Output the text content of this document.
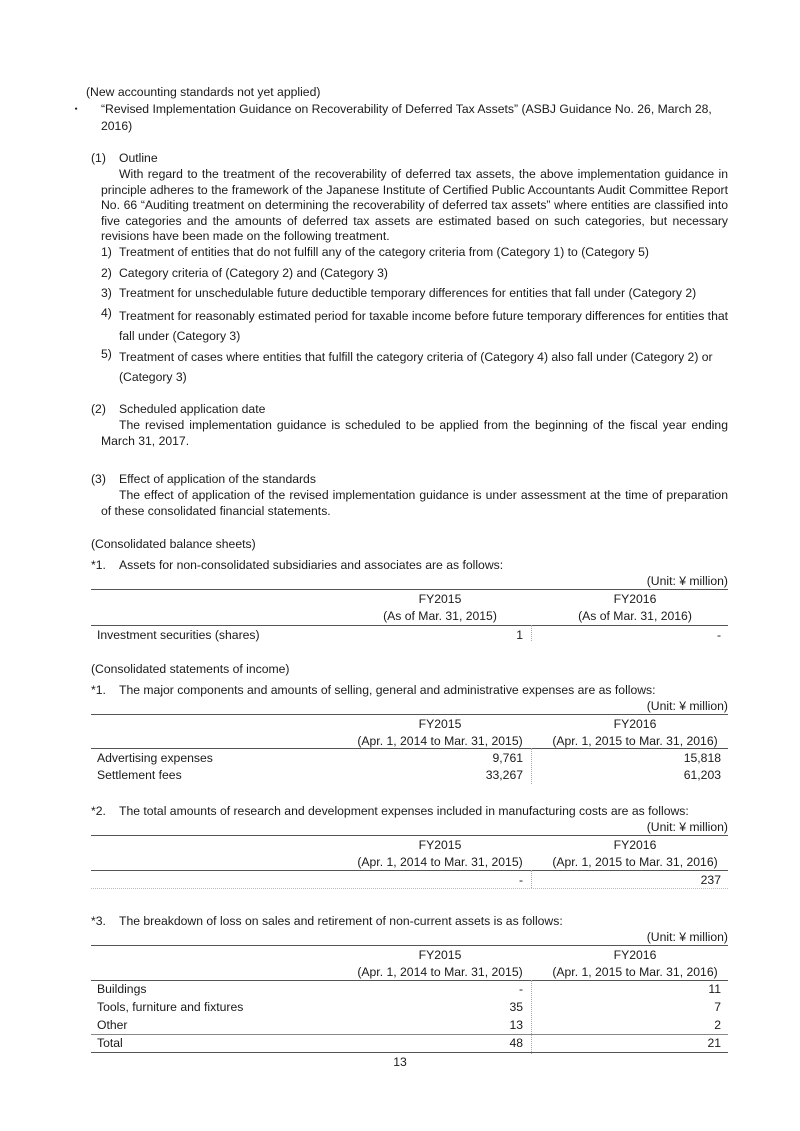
(New accounting standards not yet applied)
・ “Revised Implementation Guidance on Recoverability of Deferred Tax Assets” (ASBJ Guidance No. 26, March 28,
2016)
(1) Outline
With regard to the treatment of the recoverability of deferred tax assets, the above implementation guidance in principle adheres to the framework of the Japanese Institute of Certified Public Accountants Audit Committee Report No. 66 “Auditing treatment on determining the recoverability of deferred tax assets” where entities are classified into five categories and the amounts of deferred tax assets are estimated based on such categories, but necessary revisions have been made on the following treatment.
1) Treatment of entities that do not fulfill any of the category criteria from (Category 1) to (Category 5)
2) Category criteria of (Category 2) and (Category 3)
3) Treatment for unschedulable future deductible temporary differences for entities that fall under (Category 2)
4) Treatment for reasonably estimated period for taxable income before future temporary differences for entities that fall under (Category 3)
5) Treatment of cases where entities that fulfill the category criteria of (Category 4) also fall under (Category 2) or (Category 3)
(2) Scheduled application date
The revised implementation guidance is scheduled to be applied from the beginning of the fiscal year ending March 31, 2017.
(3) Effect of application of the standards
The effect of application of the revised implementation guidance is under assessment at the time of preparation of these consolidated financial statements.
(Consolidated balance sheets)
*1. Assets for non-consolidated subsidiaries and associates are as follows:
(Unit: ¥ million)
FY2015	FY2016
(As of Mar. 31, 2015)	(As of Mar. 31, 2016)
Investment securities (shares)	1	-
(Consolidated statements of income)
*1. The major components and amounts of selling, general and administrative expenses are as follows:
(Unit: ¥ million)
FY2015	FY2016
(Apr. 1, 2014 to Mar. 31, 2015)	(Apr. 1, 2015 to Mar. 31, 2016)
Advertising expenses	9,761	15,818
Settlement fees	33,267	61,203
*2. The total amounts of research and development expenses included in manufacturing costs are as follows:
(Unit: ¥ million)
FY2015	FY2016
(Apr. 1, 2014 to Mar. 31, 2015)	(Apr. 1, 2015 to Mar. 31, 2016)
-	237
*3. The breakdown of loss on sales and retirement of non-current assets is as follows:
(Unit: ¥ million)
FY2015	FY2016
(Apr. 1, 2014 to Mar. 31, 2015)	(Apr. 1, 2015 to Mar. 31, 2016)
Buildings	-	11
Tools, furniture and fixtures	35	7
Other	13	2
Total	48	21
13
